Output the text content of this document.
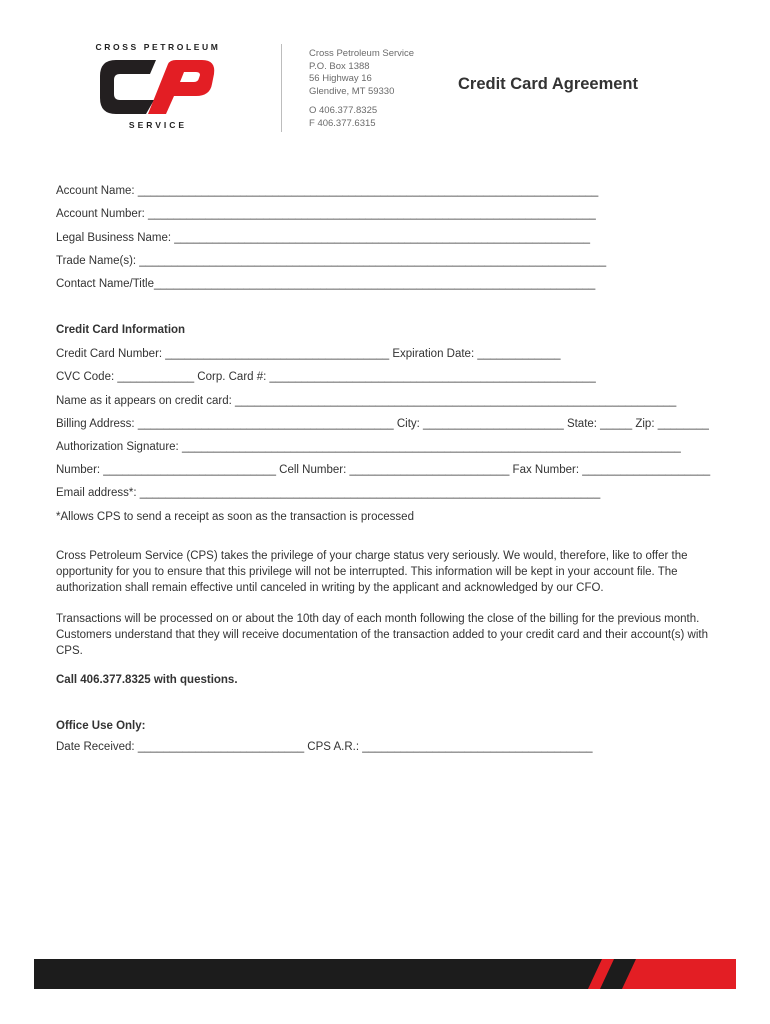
CROSS PETROLEUM
SERVICE
Cross Petroleum Service
P.O. Box 1388
56 Highway 16
Glendive, MT 59330
O 406.377.8325
F 406.377.6315
Credit Card Agreement
Account Name: ________________________________________________________________________
Account Number: ______________________________________________________________________
Legal Business Name: _________________________________________________________________
Trade Name(s): _________________________________________________________________________
Contact Name/Title_____________________________________________________________________
Credit Card Information
Credit Card Number: ___________________________________ Expiration Date: _____________
CVC Code: ____________ Corp. Card #: ___________________________________________________
Name as it appears on credit card: _____________________________________________________________________
Billing Address: ________________________________________ City: ______________________ State: _____ Zip: ________
Authorization Signature: ______________________________________________________________________________
Number: ___________________________ Cell Number: _________________________ Fax Number: ____________________
Email address*: ________________________________________________________________________
*Allows CPS to send a receipt as soon as the transaction is processed
Cross Petroleum Service (CPS) takes the privilege of your charge status very seriously. We would, therefore, like to offer the opportunity for you to ensure that this privilege will not be interrupted. This information will be kept in your account file. The authorization shall remain effective until canceled in writing by the applicant and acknowledged by our CFO.
Transactions will be processed on or about the 10th day of each month following the close of the billing for the previous month. Customers understand that they will receive documentation of the transaction added to your credit card and their account(s) with CPS.
Call 406.377.8325 with questions.
Office Use Only:
Date Received: __________________________ CPS A.R.: ____________________________________
